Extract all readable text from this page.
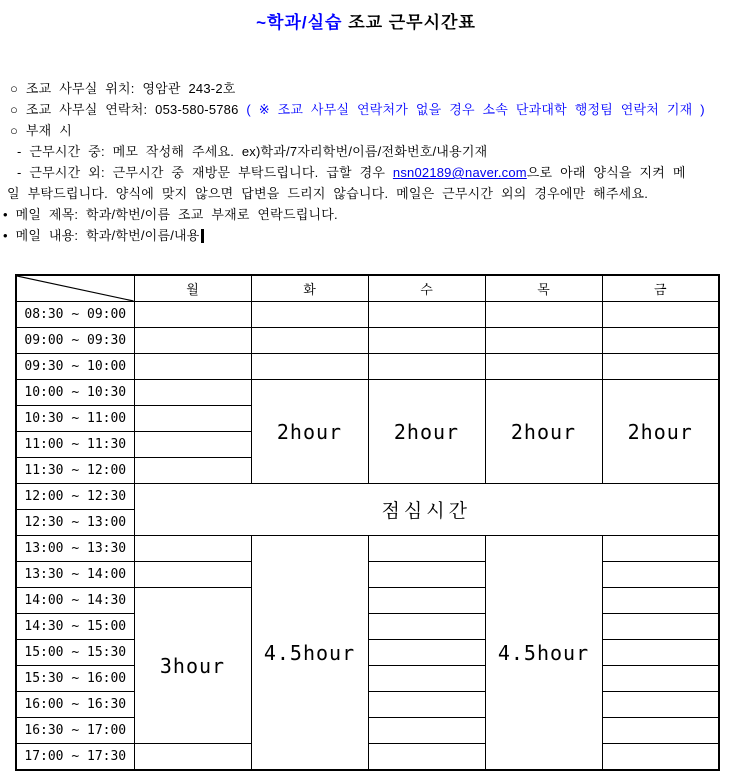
~학과/실습 조교 근무시간표
○ 조교 사무실 위치: 영암관 243-2호
○ 조교 사무실 연락처: 053-580-5786 ( ※ 조교 사무실 연락처가 없을 경우 소속 단과대학 행정팀 연락처 기재 )
○ 부재 시
- 근무시간 중: 메모 작성해 주세요. ex)학과/7자리학번/이름/전화번호/내용기재
- 근무시간 외: 근무시간 중 재방문 부탁드립니다. 급할 경우 nsn02189@naver.com으로 아래 양식을 지켜 메
일 부탁드립니다. 양식에 맞지 않으면 답변을 드리지 않습니다. 메일은 근무시간 외의 경우에만 해주세요.
• 메일 제목: 학과/학번/이름 조교 부재로 연락드립니다.
• 메일 내용: 학과/학번/이름/내용
	월	화	수	목	금
08:30 ~ 09:00					
09:00 ~ 09:30					
09:30 ~ 10:00					
10:00 ~ 10:30		2hour	2hour	2hour	2hour
10:30 ~ 11:00					
11:00 ~ 11:30					
11:30 ~ 12:00					
12:00 ~ 12:30	점심시간				
12:30 ~ 13:00					
13:00 ~ 13:30		4.5hour		4.5hour	
13:30 ~ 14:00					
14:00 ~ 14:30	3hour				
14:30 ~ 15:00					
15:00 ~ 15:30					
15:30 ~ 16:00					
16:00 ~ 16:30					
16:30 ~ 17:00					
17:00 ~ 17:30					
